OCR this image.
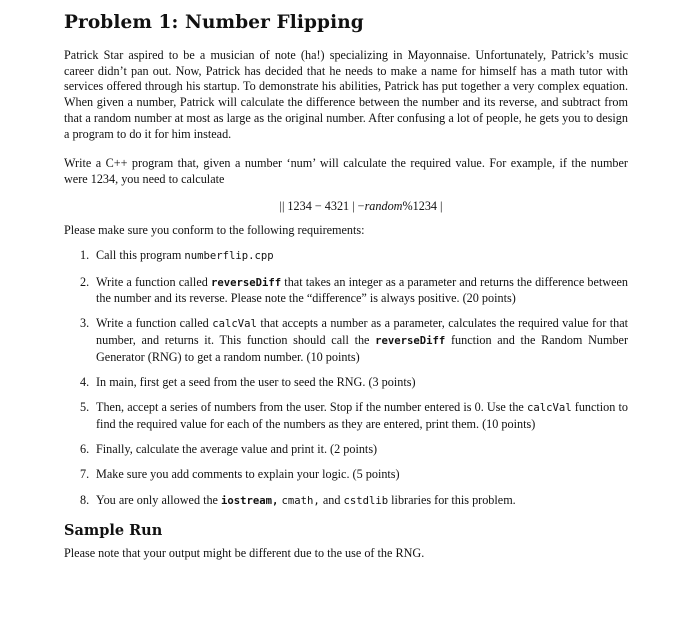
Problem 1: Number Flipping

Patrick Star aspired to be a musician of note (ha!) specializing in Mayonnaise. Unfortunately, Patrick’s music career didn’t pan out. Now, Patrick has decided that he needs to make a name for himself has a math tutor with services offered through his startup. To demonstrate his abilities, Patrick has put together a very complex equation. When given a number, Patrick will calculate the difference between the number and its reverse, and subtract from that a random number at most as large as the original number. After confusing a lot of people, he gets you to design a program to do it for him instead.

Write a C++ program that, given a number ‘num’ will calculate the required value. For example, if the number were 1234, you need to calculate

|| 1234 − 4321 | −random%1234 |

Please make sure you conform to the following requirements:

1. Call this program numberflip.cpp
2. Write a function called reverseDiff that takes an integer as a parameter and returns the difference between the number and its reverse. Please note the “difference” is always positive. (20 points)
3. Write a function called calcVal that accepts a number as a parameter, calculates the required value for that number, and returns it. This function should call the reverseDiff function and the Random Number Generator (RNG) to get a random number. (10 points)
4. In main, first get a seed from the user to seed the RNG. (3 points)
5. Then, accept a series of numbers from the user. Stop if the number entered is 0. Use the calcVal function to find the required value for each of the numbers as they are entered, print them. (10 points)
6. Finally, calculate the average value and print it. (2 points)
7. Make sure you add comments to explain your logic. (5 points)
8. You are only allowed the iostream, cmath, and cstdlib libraries for this problem.
Sample Run

Please note that your output might be different due to the use of the RNG.
